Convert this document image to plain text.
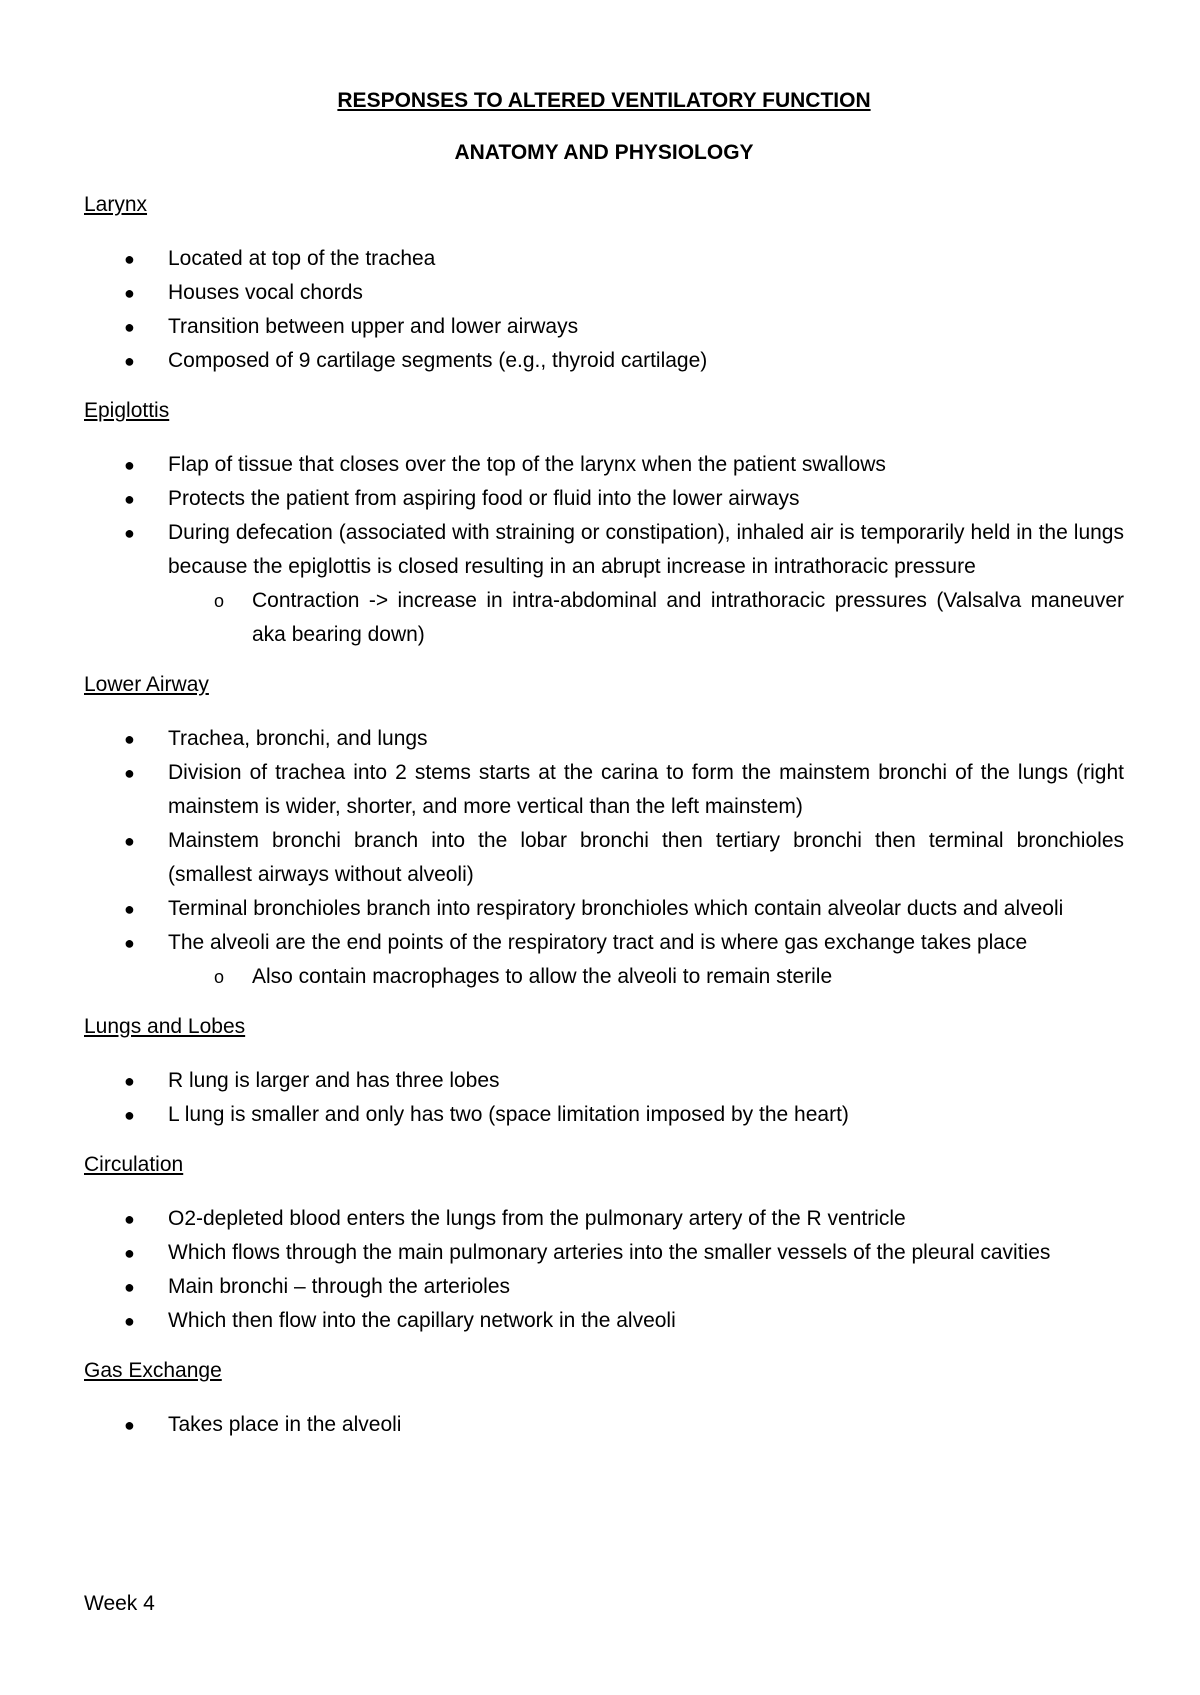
RESPONSES TO ALTERED VENTILATORY FUNCTION
ANATOMY AND PHYSIOLOGY
Larynx
● Located at top of the trachea
● Houses vocal chords
● Transition between upper and lower airways
● Composed of 9 cartilage segments (e.g., thyroid cartilage)
Epiglottis
● Flap of tissue that closes over the top of the larynx when the patient swallows
● Protects the patient from aspiring food or fluid into the lower airways
● During defecation (associated with straining or constipation), inhaled air is temporarily held in the lungs because the epiglottis is closed resulting in an abrupt increase in intrathoracic pressure
o Contraction -> increase in intra-abdominal and intrathoracic pressures (Valsalva maneuver aka bearing down)
Lower Airway
● Trachea, bronchi, and lungs
● Division of trachea into 2 stems starts at the carina to form the mainstem bronchi of the lungs (right mainstem is wider, shorter, and more vertical than the left mainstem)
● Mainstem bronchi branch into the lobar bronchi then tertiary bronchi then terminal bronchioles (smallest airways without alveoli)
● Terminal bronchioles branch into respiratory bronchioles which contain alveolar ducts and alveoli
● The alveoli are the end points of the respiratory tract and is where gas exchange takes place
o Also contain macrophages to allow the alveoli to remain sterile
Lungs and Lobes
● R lung is larger and has three lobes
● L lung is smaller and only has two (space limitation imposed by the heart)
Circulation
● O2-depleted blood enters the lungs from the pulmonary artery of the R ventricle
● Which flows through the main pulmonary arteries into the smaller vessels of the pleural cavities
● Main bronchi – through the arterioles
● Which then flow into the capillary network in the alveoli
Gas Exchange
● Takes place in the alveoli
Week 4
